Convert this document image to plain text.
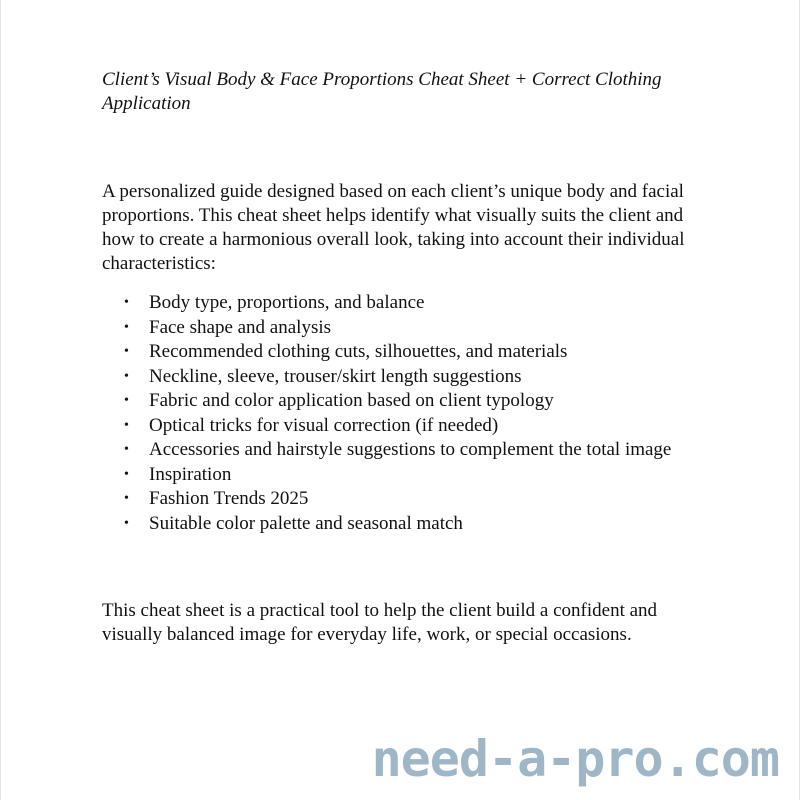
Client’s Visual Body & Face Proportions Cheat Sheet + Correct Clothing Application

A personalized guide designed based on each client’s unique body and facial proportions. This cheat sheet helps identify what visually suits the client and how to create a harmonious overall look, taking into account their individual characteristics:

• Body type, proportions, and balance
• Face shape and analysis
• Recommended clothing cuts, silhouettes, and materials
• Neckline, sleeve, trouser/skirt length suggestions
• Fabric and color application based on client typology
• Optical tricks for visual correction (if needed)
• Accessories and hairstyle suggestions to complement the total image
• Inspiration
• Fashion Trends 2025
• Suitable color palette and seasonal match

This cheat sheet is a practical tool to help the client build a confident and visually balanced image for everyday life, work, or special occasions.

need-a-pro.com
